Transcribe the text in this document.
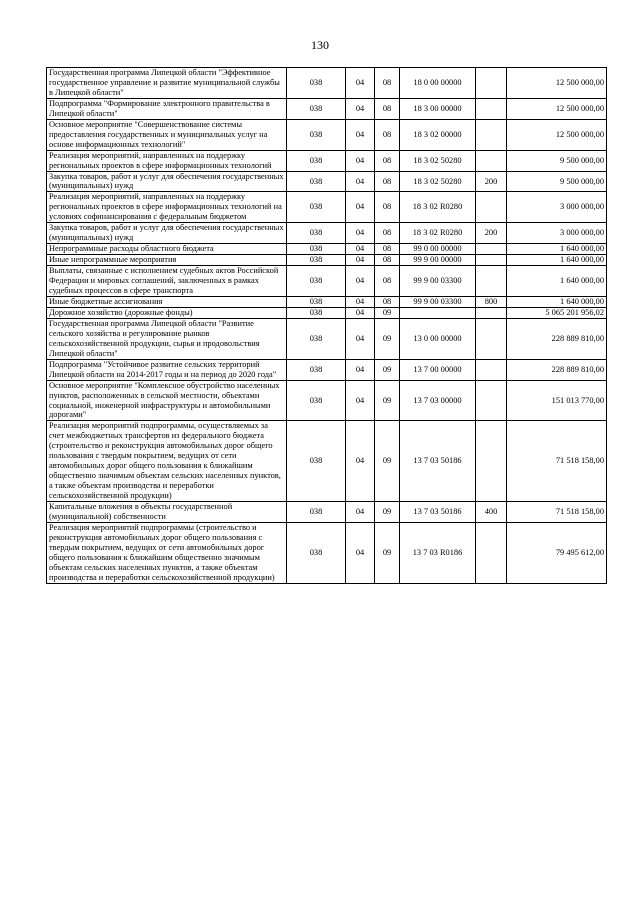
130
Государственная программа Липецкой области "Эффективное государственное управление и развитие муниципальной службы в Липецкой области"	038	04	08	18 0 00 00000		12 500 000,00
Подпрограмма "Формирование электронного правительства в Липецкой области"	038	04	08	18 3 00 00000		12 500 000,00
Основное мероприятие "Совершенствование системы предоставления государственных и муниципальных услуг на основе информационных технологий"	038	04	08	18 3 02 00000		12 500 000,00
Реализация мероприятий, направленных на поддержку региональных проектов в сфере информационных технологий	038	04	08	18 3 02 50280		9 500 000,00
Закупка товаров, работ и услуг для обеспечения государственных (муниципальных) нужд	038	04	08	18 3 02 50280	200	9 500 000,00
Реализация мероприятий, направленных на поддержку региональных проектов в сфере информационных технологий на условиях софинансирования с федеральным бюджетом	038	04	08	18 3 02 R0280		3 000 000,00
Закупка товаров, работ и услуг для обеспечения государственных (муниципальных) нужд	038	04	08	18 3 02 R0280	200	3 000 000,00
Непрограммные расходы областного бюджета	038	04	08	99 0 00 00000		1 640 000,00
Иные непрограммные мероприятия	038	04	08	99 9 00 00000		1 640 000,00
Выплаты, связанные с исполнением судебных актов Российской Федерации и мировых соглашений, заключенных в рамках судебных процессов в сфере транспорта	038	04	08	99 9 00 03300		1 640 000,00
Иные бюджетные ассигнования	038	04	08	99 9 00 03300	800	1 640 000,00
Дорожное хозяйство (дорожные фонды)	038	04	09			5 065 201 956,02
Государственная программа Липецкой области "Развитие сельского хозяйства и регулирование рынков сельскохозяйственной продукции, сырья и продовольствия Липецкой области"	038	04	09	13 0 00 00000		228 889 810,00
Подпрограмма "Устойчивое развитие сельских территорий Липецкой области на 2014-2017 годы и на период до 2020 года"	038	04	09	13 7 00 00000		228 889 810,00
Основное мероприятие "Комплексное обустройство населенных пунктов, расположенных в сельской местности, объектами социальной, инженерной инфраструктуры и автомобильными дорогами"	038	04	09	13 7 03 00000		151 013 770,00
Реализация мероприятий подпрограммы, осуществляемых за счет межбюджетных трансфертов из федерального бюджета (строительство и реконструкция автомобильных дорог общего пользования с твердым покрытием, ведущих от сети автомобильных дорог общего пользования к ближайшим общественно значимым объектам сельских населенных пунктов, а также объектам производства и переработки сельскохозяйственной продукции)	038	04	09	13 7 03 50186		71 518 158,00
Капитальные вложения в объекты государственной (муниципальной) собственности	038	04	09	13 7 03 50186	400	71 518 158,00
Реализация мероприятий подпрограммы (строительство и реконструкция автомобильных дорог общего пользования с твердым покрытием, ведущих от сети автомобильных дорог общего пользования к ближайшим общественно значимым объектам сельских населенных пунктов, а также объектам производства и переработки сельскохозяйственной продукции)	038	04	09	13 7 03 R0186		79 495 612,00
